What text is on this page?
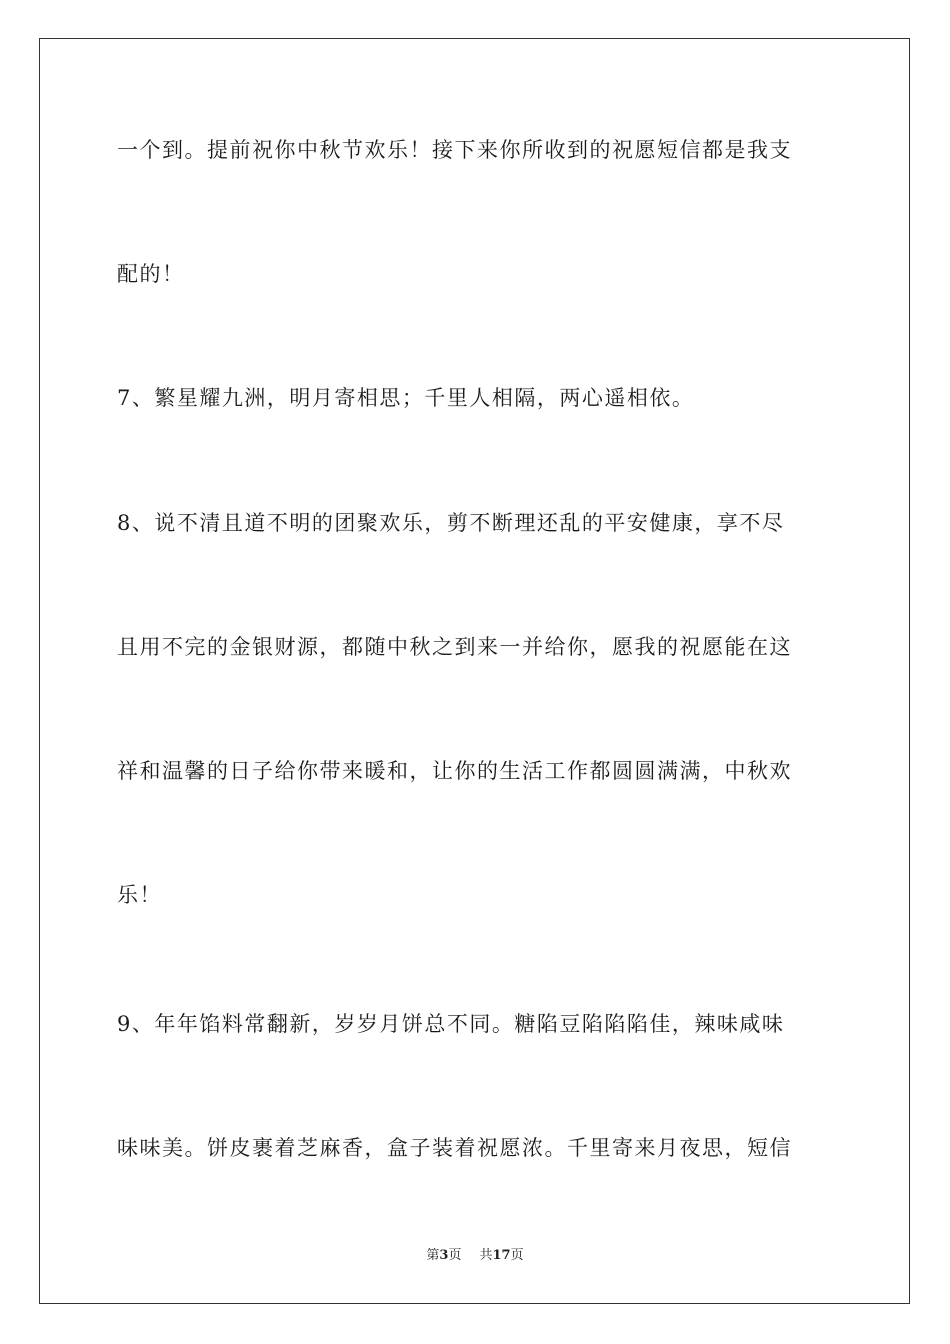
一个到。提前祝你中秋节欢乐！接下来你所收到的祝愿短信都是我支
配的！
7、繁星耀九洲，明月寄相思；千里人相隔，两心遥相依。
8、说不清且道不明的团聚欢乐，剪不断理还乱的平安健康，享不尽
且用不完的金银财源，都随中秋之到来一并给你，愿我的祝愿能在这
祥和温馨的日子给你带来暖和，让你的生活工作都圆圆满满，中秋欢
乐！
9、年年馅料常翻新，岁岁月饼总不同。糖陷豆陷陷陷佳，辣味咸味
味味美。饼皮裹着芝麻香，盒子装着祝愿浓。千里寄来月夜思，短信
第3页 共17页
